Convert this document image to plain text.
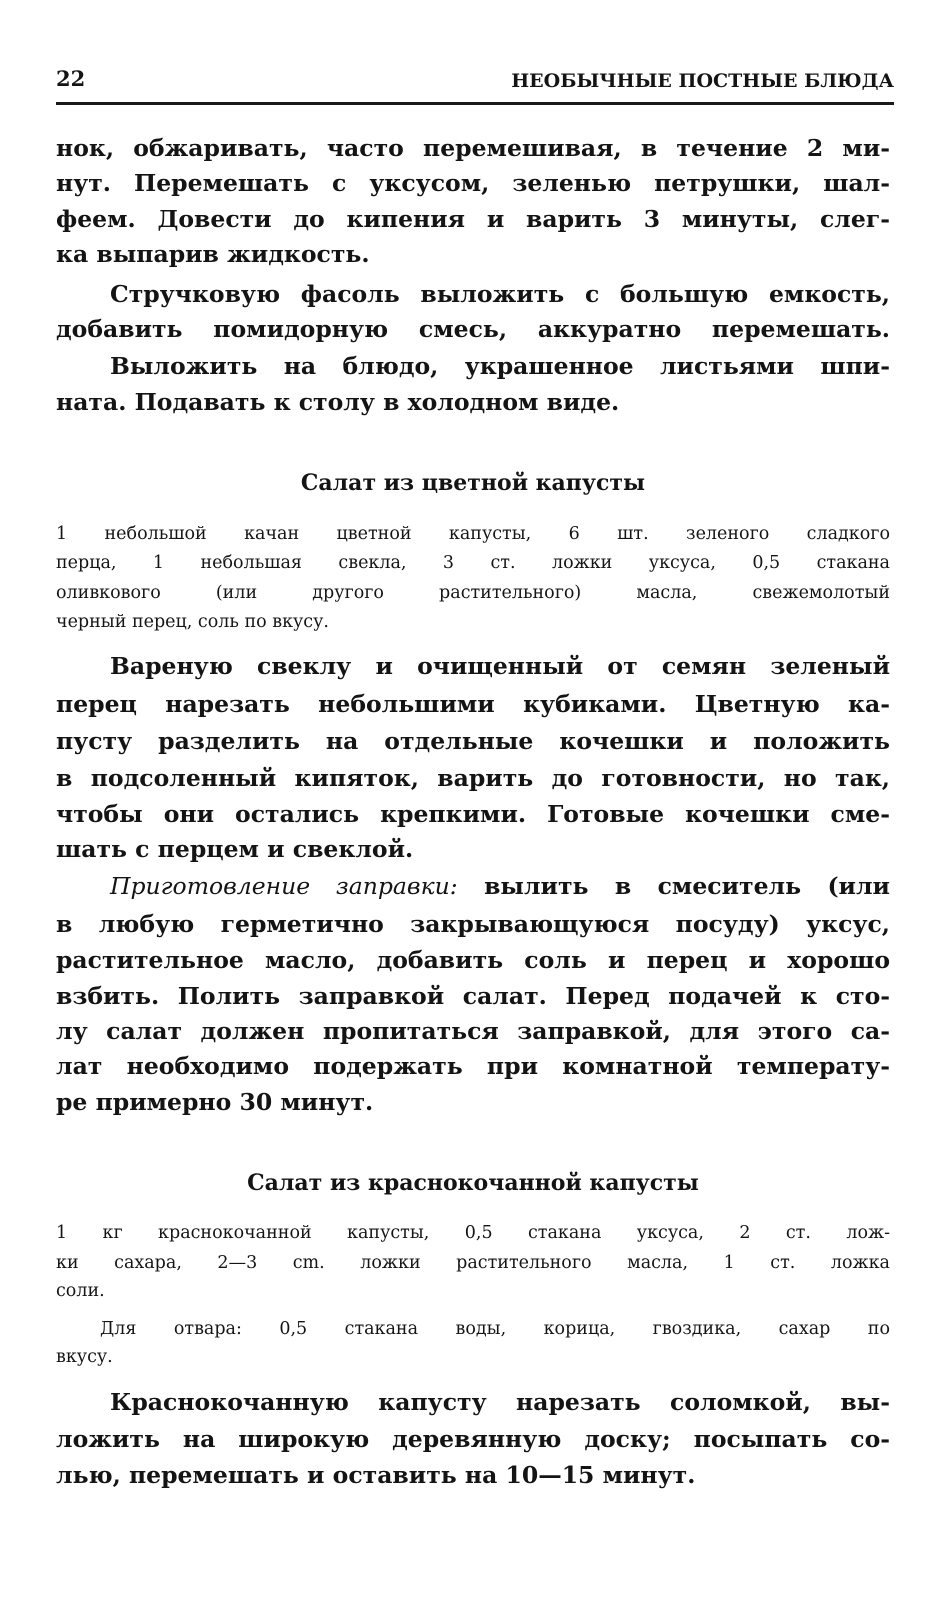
22	НЕОБЫЧНЫЕ ПОСТНЫЕ БЛЮДА
нок, обжаривать, часто перемешивая, в течение 2 ми-
нут. Перемешать с уксусом, зеленью петрушки, шал-
феем. Довести до кипения и варить 3 минуты, слег-
ка выпарив жидкость.
Стручковую фасоль выложить с большую емкость,
добавить помидорную смесь, аккуратно перемешать.
Выложить на блюдо, украшенное листьями шпи-
ната. Подавать к столу в холодном виде.
Салат из цветной капусты
1 небольшой качан цветной капусты, 6 шт. зеленого сладкого
перца, 1 небольшая свекла, 3 ст. ложки уксуса, 0,5 стакана
оливкового (или другого растительного) масла, свежемолотый
черный перец, соль по вкусу.
Вареную свеклу и очищенный от семян зеленый
перец нарезать небольшими кубиками. Цветную ка-
пусту разделить на отдельные кочешки и положить
в подсоленный кипяток, варить до готовности, но так,
чтобы они остались крепкими. Готовые кочешки сме-
шать с перцем и свеклой.
Приготовление заправки: вылить в смеситель (или
в любую герметично закрывающуюся посуду) уксус,
растительное масло, добавить соль и перец и хорошо
взбить. Полить заправкой салат. Перед подачей к сто-
лу салат должен пропитаться заправкой, для этого са-
лат необходимо подержать при комнатной температу-
ре примерно 30 минут.
Салат из краснокочанной капусты
1 кг краснокочанной капусты, 0,5 стакана уксуса, 2 ст. лож-
ки сахара, 2—3 cm. ложки растительного масла, 1 ст. ложка
соли.
Для отвара: 0,5 стакана воды, корица, гвоздика, сахар по
вкусу.
Краснокочанную капусту нарезать соломкой, вы-
ложить на широкую деревянную доску; посыпать со-
лью, перемешать и оставить на 10—15 минут.
